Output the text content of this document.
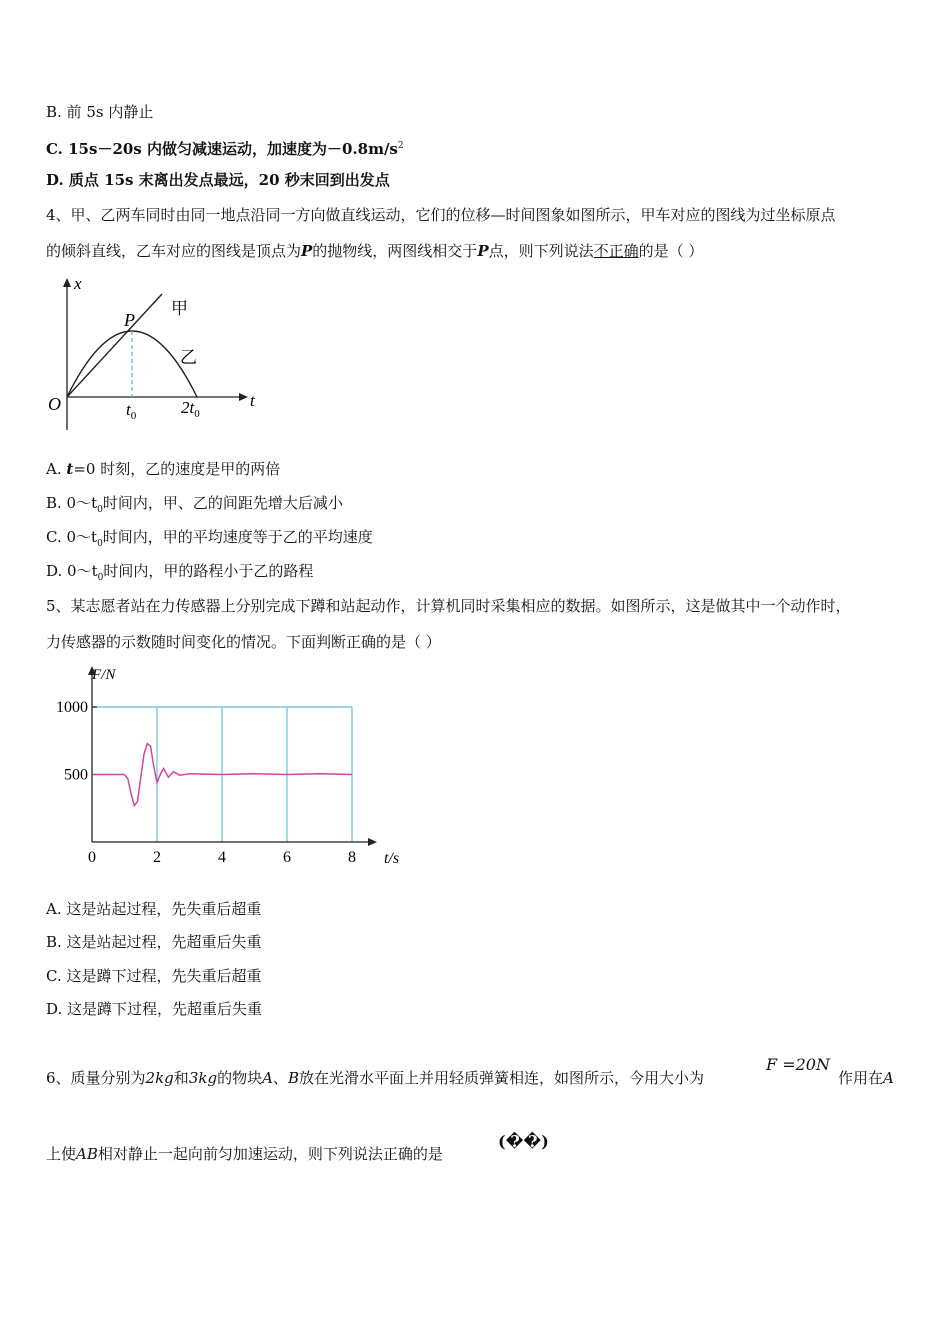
B. 前 5s 内静止
C. 15s－20s 内做匀减速运动，加速度为$-0.8m/s^2$
D. 质点 15s 末离出发点最远，20 秒末回到出发点
4、甲、乙两车同时由同一地点沿同一方向做直线运动，它们的位移—时间图象如图所示，甲车对应的图线为过坐标原点
的倾斜直线，乙车对应的图线是顶点为P的抛物线，两图线相交于P点，则下列说法不正确的是（ ）
x
t
O
P
甲
乙
$t_0$	$2t_0$
A. t=0 时刻，乙的速度是甲的两倍
B. $0\sim t_0$时间内，甲、乙的间距先增大后减小
C. $0\sim t_0$时间内，甲的平均速度等于乙的平均速度
D. $0\sim t_0$时间内，甲的路程小于乙的路程
5、某志愿者站在力传感器上分别完成下蹲和站起动作，计算机同时采集相应的数据。如图所示，这是做其中一个动作时，
力传感器的示数随时间变化的情况。下面判断正确的是（ ）
0	2	4	6	8
500
1000
F/N
t/s
A. 这是站起过程，先失重后超重
B. 这是站起过程，先超重后失重
C. 这是蹲下过程，先失重后超重
D. 这是蹲下过程，先超重后失重
6、质量分别为2kg和3kg的物块A、B放在光滑水平面上并用轻质弹簧相连，如图所示，今用大小为
F =20N
作用在A
上使AB相对静止一起向前匀加速运动，则下列说法正确的是
(��)
